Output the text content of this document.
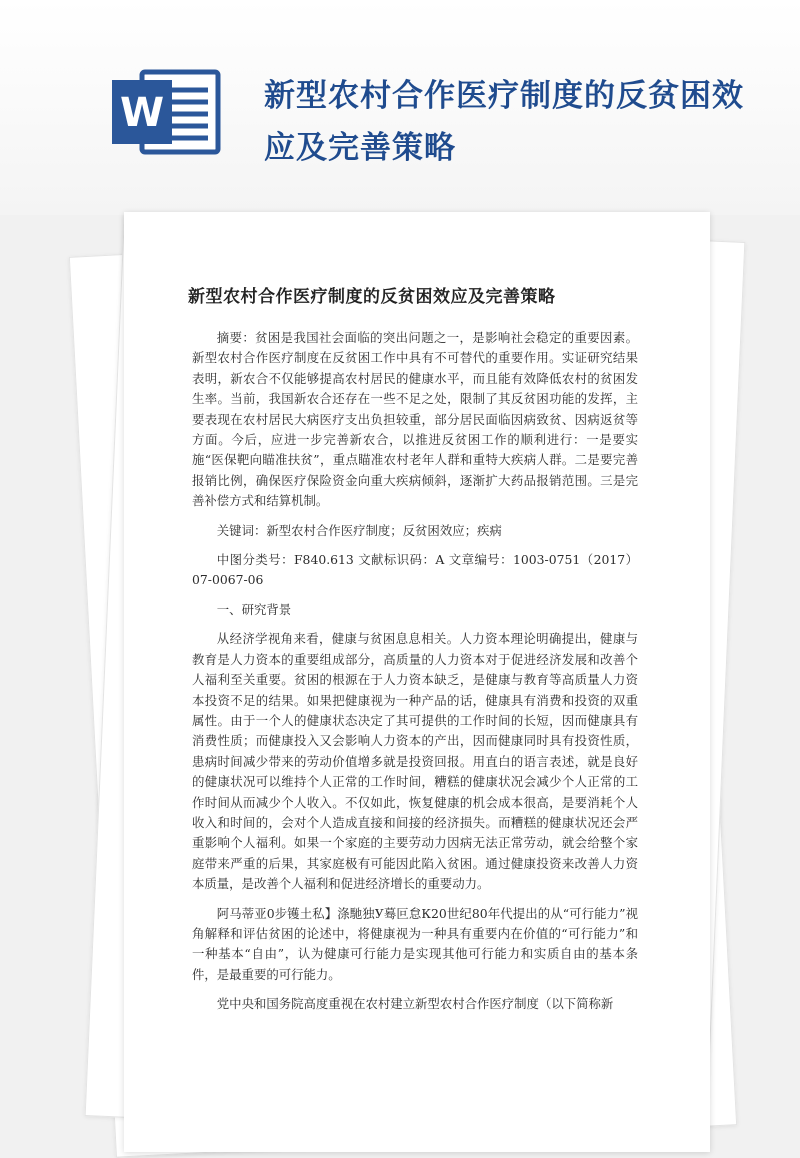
W	新型农村合作医疗制度的反贫困效应及完善策略
新型农村合作医疗制度的反贫困效应及完善策略

摘要：贫困是我国社会面临的突出问题之一，是影响社会稳定的重要因素。新型农村合作医疗制度在反贫困工作中具有不可替代的重要作用。实证研究结果表明，新农合不仅能够提高农村居民的健康水平，而且能有效降低农村的贫困发生率。当前，我国新农合还存在一些不足之处，限制了其反贫困功能的发挥，主要表现在农村居民大病医疗支出负担较重，部分居民面临因病致贫、因病返贫等方面。今后，应进一步完善新农合，以推进反贫困工作的顺利进行：一是要实施“医保靶向瞄准扶贫”，重点瞄准农村老年人群和重特大疾病人群。二是要完善报销比例，确保医疗保险资金向重大疾病倾斜，逐渐扩大药品报销范围。三是完善补偿方式和结算机制。

关键词：新型农村合作医疗制度；反贫困效应；疾病

中图分类号：F840.613 文献标识码：A 文章编号：1003-0751（2017）07-0067-06

一、研究背景

从经济学视角来看，健康与贫困息息相关。人力资本理论明确提出，健康与教育是人力资本的重要组成部分，高质量的人力资本对于促进经济发展和改善个人福利至关重要。贫困的根源在于人力资本缺乏，是健康与教育等高质量人力资本投资不足的结果。如果把健康视为一种产品的话，健康具有消费和投资的双重属性。由于一个人的健康状态决定了其可提供的工作时间的长短，因而健康具有消费性质；而健康投入又会影响人力资本的产出，因而健康同时具有投资性质，患病时间减少带来的劳动价值增多就是投资回报。用直白的语言表述，就是良好的健康状况可以维持个人正常的工作时间，糟糕的健康状况会减少个人正常的工作时间从而减少个人收入。不仅如此，恢复健康的机会成本很高，是要消耗个人收入和时间的，会对个人造成直接和间接的经济损失。而糟糕的健康状况还会严重影响个人福利。如果一个家庭的主要劳动力因病无法正常劳动，就会给整个家庭带来严重的后果，其家庭极有可能因此陷入贫困。通过健康投资来改善人力资本质量，是改善个人福利和促进经济增长的重要动力。

阿马蒂亚0步镬土私】涤馳独У蓦叵怠К20世纪80年代提出的从“可行能力”视角解释和评估贫困的论述中，将健康视为一种具有重要内在价值的“可行能力”和一种基本“自由”，认为健康可行能力是实现其他可行能力和实质自由的基本条件，是最重要的可行能力。

党中央和国务院高度重视在农村建立新型农村合作医疗制度（以下简称新
